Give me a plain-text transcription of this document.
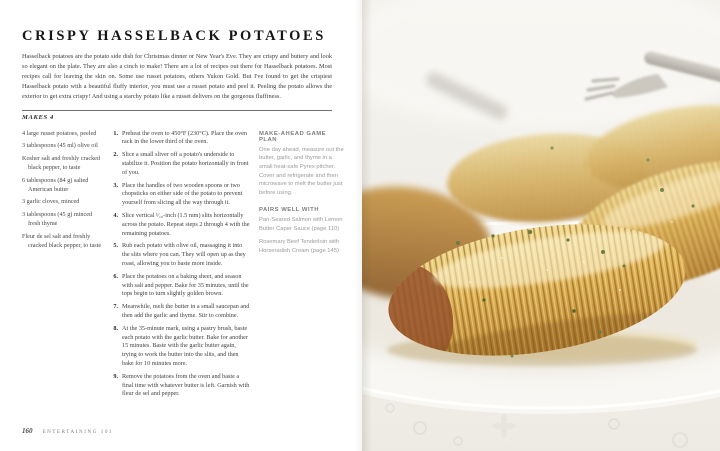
CRISPY HASSELBACK POTATOES

Hasselback potatoes are the potato side dish for Christmas dinner or New Year's Eve. They are crispy and buttery and look so elegant on the plate. They are also a cinch to make! There are a lot of recipes out there for Hasselback potatoes. Most recipes call for leaving the skin on. Some use russet potatoes, others Yukon Gold. But I've found to get the crispiest Hasselback potato with a beautiful fluffy interior, you must use a russet potato and peel it. Peeling the potato allows the exterior to get extra crispy! And using a starchy potato like a russet delivers on the gorgeous fluffiness.

MAKES 4
4 large russet potatoes, peeled
3 tablespoons (45 ml) olive oil
Kosher salt and freshly cracked black pepper, to taste
6 tablespoons (84 g) salted American butter
3 garlic cloves, minced
3 tablespoons (45 g) minced fresh thyme
Fleur de sel salt and freshly cracked black pepper, to taste
1. Preheat the oven to 450°F (230°C). Place the oven rack in the lower third of the oven.
2. Slice a small sliver off a potato's underside to stabilize it. Position the potato horizontally in front of you.
3. Place the handles of two wooden spoons or two chopsticks on either side of the potato to prevent yourself from slicing all the way through it.
4. Slice vertical ¹⁄₁₆-inch (1.5 mm) slits horizontally across the potato. Repeat steps 2 through 4 with the remaining potatoes.
5. Rub each potato with olive oil, massaging it into the slits where you can. They will open up as they roast, allowing you to baste more inside.
6. Place the potatoes on a baking sheet, and season with salt and pepper. Bake for 35 minutes, until the tops begin to turn slightly golden brown.
7. Meanwhile, melt the butter in a small saucepan and then add the garlic and thyme. Stir to combine.
8. At the 35-minute mark, using a pastry brush, baste each potato with the garlic butter. Bake for another 15 minutes. Baste with the garlic butter again, trying to work the butter into the slits, and then bake for 10 minutes more.
9. Remove the potatoes from the oven and baste a final time with whatever butter is left. Garnish with fleur de sel and pepper.
MAKE-AHEAD GAME PLAN
One day ahead, measure out the butter, garlic, and thyme in a small heat-safe Pyrex pitcher. Cover and refrigerate and then microwave to melt the butter just before using.
PAIRS WELL WITH
Pan-Seared Salmon with Lemon Butter Caper Sauce (page 110)
Rosemary Beef Tenderloin with Horseradish Cream (page 145)
160 ENTERTAINING 101
